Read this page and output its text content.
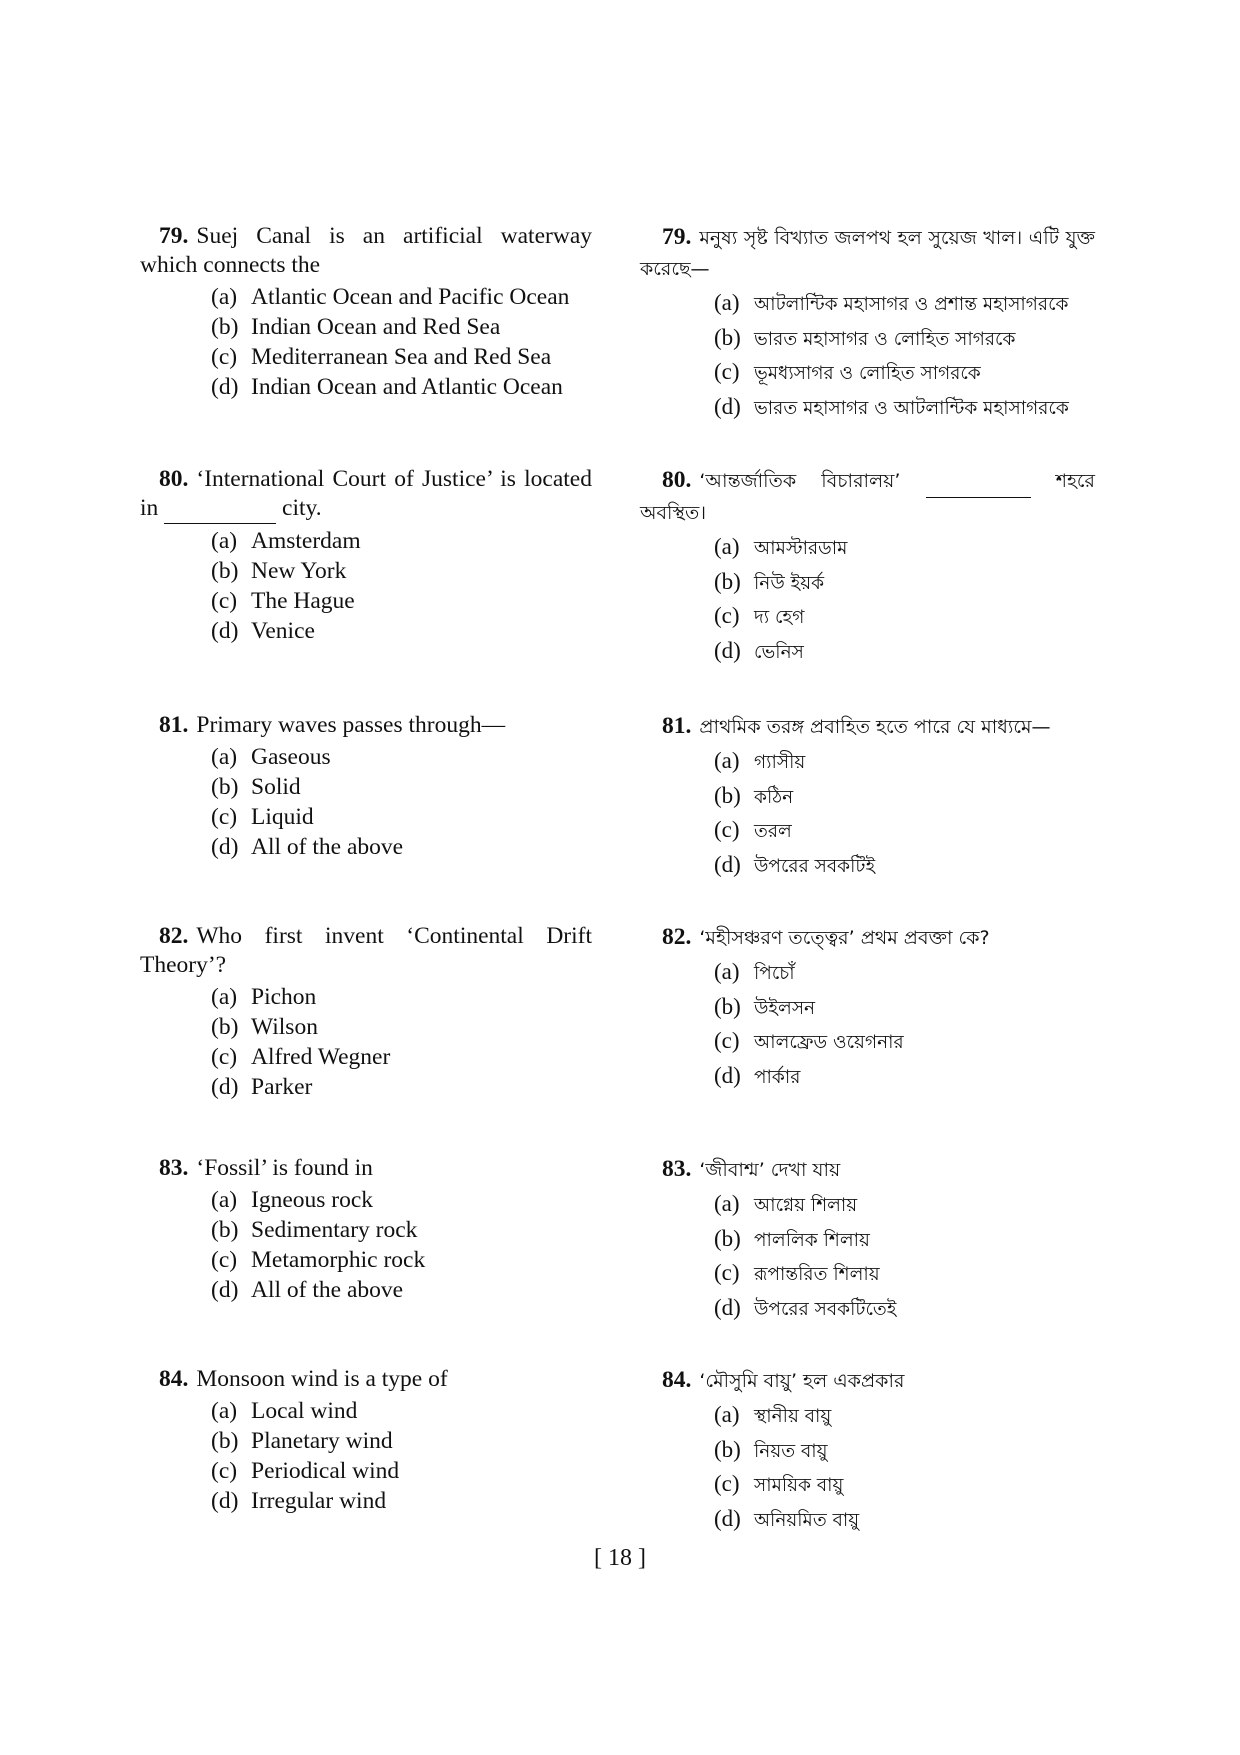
79. Suej Canal is an artificial waterway which connects the
(a) Atlantic Ocean and Pacific Ocean
(b) Indian Ocean and Red Sea
(c) Mediterranean Sea and Red Sea
(d) Indian Ocean and Atlantic Ocean
80. ‘International Court of Justice’ is located in	city.
(a) Amsterdam
(b) New York
(c) The Hague
(d) Venice
81. Primary waves passes through—
(a) Gaseous
(b) Solid
(c) Liquid
(d) All of the above
82. Who first invent ‘Continental Drift Theory’?
(a) Pichon
(b) Wilson
(c) Alfred Wegner
(d) Parker
83. ‘Fossil’ is found in
(a) Igneous rock
(b) Sedimentary rock
(c) Metamorphic rock
(d) All of the above
84. Monsoon wind is a type of
(a) Local wind
(b) Planetary wind
(c) Periodical wind
(d) Irregular wind
79. মনুষ্য সৃষ্ট বিখ্যাত জলপথ হল সুয়েজ খাল। এটি যুক্ত করেছে—
(a) আটলান্টিক মহাসাগর ও প্রশান্ত মহাসাগরকে
(b) ভারত মহাসাগর ও লোহিত সাগরকে
(c) ভূমধ্যসাগর ও লোহিত সাগরকে
(d) ভারত মহাসাগর ও আটলান্টিক মহাসাগরকে
80. ‘আন্তর্জাতিক বিচারালয়’	শহরে অবস্থিত।
(a) আমস্টারডাম
(b) নিউ ইয়র্ক
(c) দ্য হেগ
(d) ভেনিস
81. প্রাথমিক তরঙ্গ প্রবাহিত হতে পারে যে মাধ্যমে—
(a) গ্যাসীয়
(b) কঠিন
(c) তরল
(d) উপরের সবকটিই
82. ‘মহীসঞ্চরণ তত্ত্বের’ প্রথম প্রবক্তা কে?
(a) পিচোঁ
(b) উইলসন
(c) আলফ্রেড ওয়েগনার
(d) পার্কার
83. ‘জীবাশ্ম’ দেখা যায়
(a) আগ্নেয় শিলায়
(b) পাললিক শিলায়
(c) রূপান্তরিত শিলায়
(d) উপরের সবকটিতেই
84. ‘মৌসুমি বায়ু’ হল একপ্রকার
(a) স্থানীয় বায়ু
(b) নিয়ত বায়ু
(c) সাময়িক বায়ু
(d) অনিয়মিত বায়ু
[ 18 ]
